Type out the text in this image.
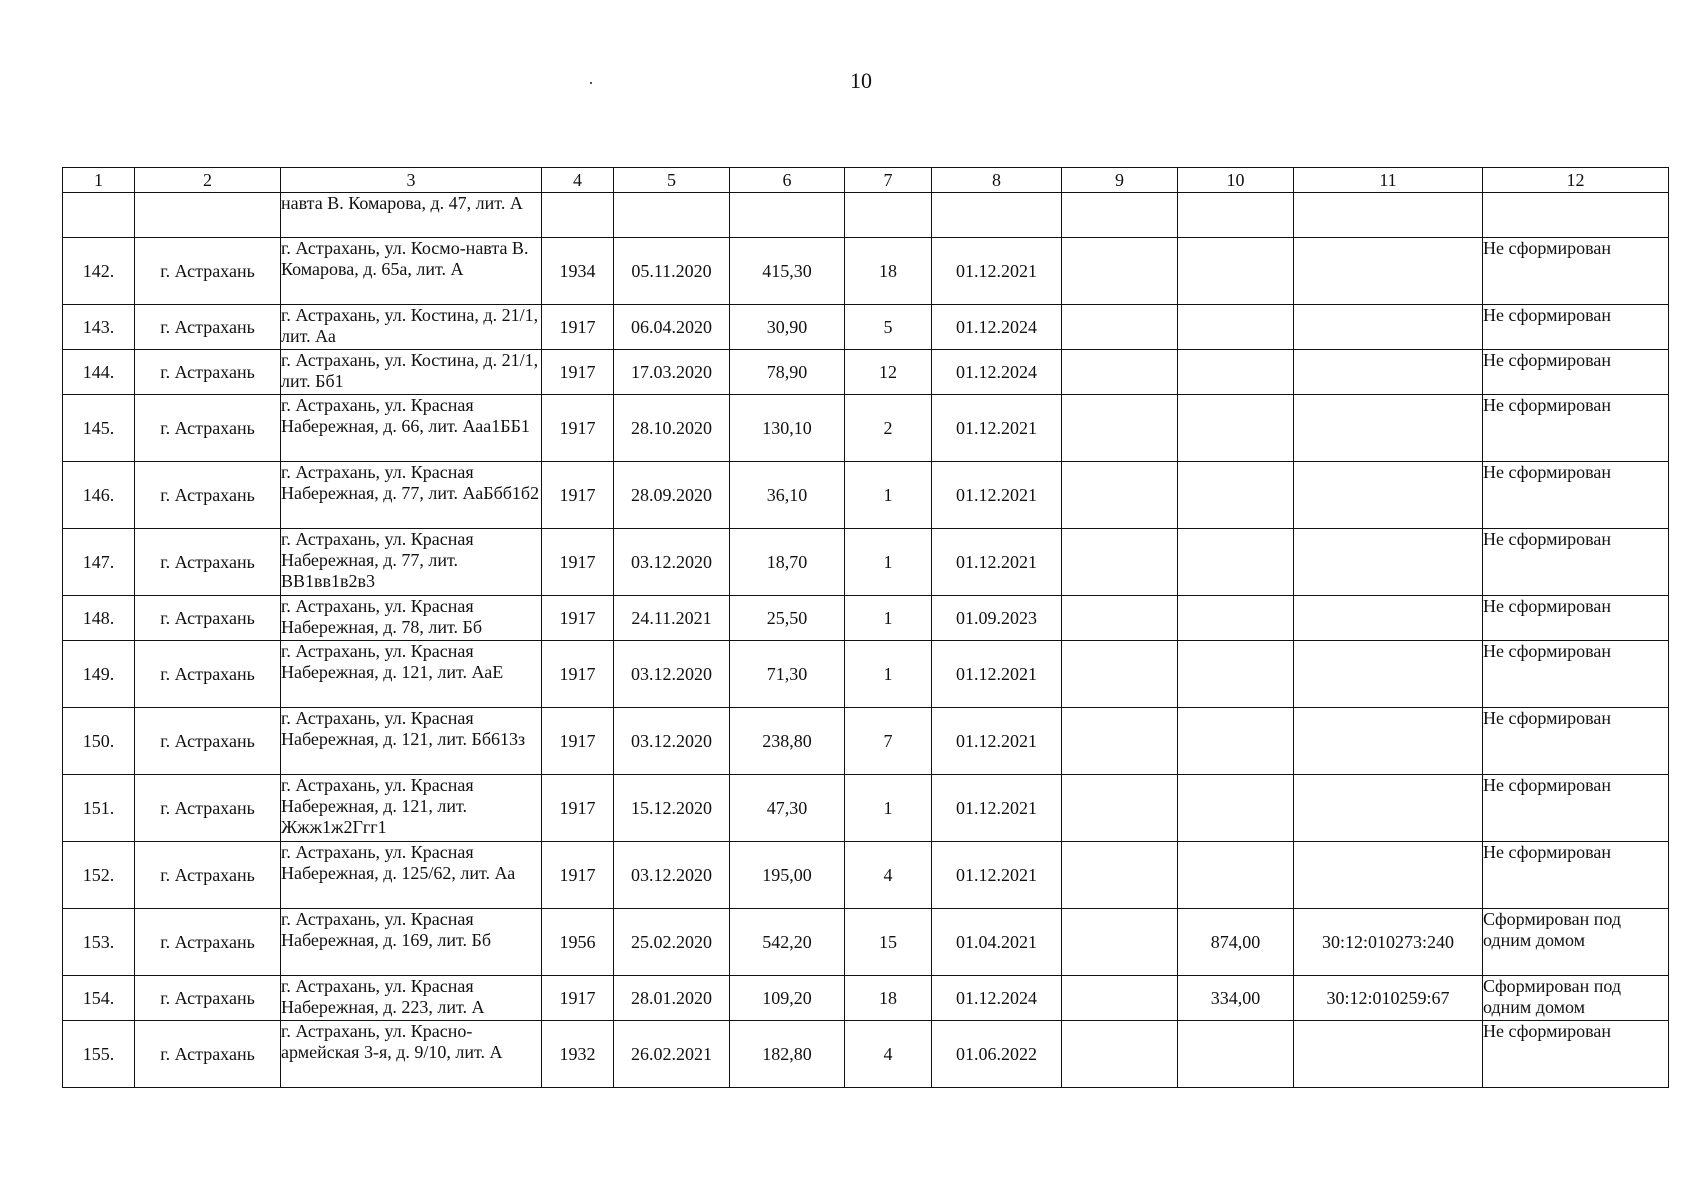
10
1	2	3	4	5	6	7	8	9	10	11	12
		навта В. Комарова, д. 47, лит. А									
142.	г. Астрахань	г. Астрахань, ул. Космо-навта В. Комарова, д. 65а, лит. А	1934	05.11.2020	415,30	18	01.12.2021				Не сформирован
143.	г. Астрахань	г. Астрахань, ул. Костина, д. 21/1, лит. Аа	1917	06.04.2020	30,90	5	01.12.2024				Не сформирован
144.	г. Астрахань	г. Астрахань, ул. Костина, д. 21/1, лит. Бб1	1917	17.03.2020	78,90	12	01.12.2024				Не сформирован
145.	г. Астрахань	г. Астрахань, ул. Красная Набережная, д. 66, лит. Ааа1ББ1	1917	28.10.2020	130,10	2	01.12.2021				Не сформирован
146.	г. Астрахань	г. Астрахань, ул. Красная Набережная, д. 77, лит. АаБбб1б2	1917	28.09.2020	36,10	1	01.12.2021				Не сформирован
147.	г. Астрахань	г. Астрахань, ул. Красная Набережная, д. 77, лит. ВВ1вв1в2в3	1917	03.12.2020	18,70	1	01.12.2021				Не сформирован
148.	г. Астрахань	г. Астрахань, ул. Красная Набережная, д. 78, лит. Бб	1917	24.11.2021	25,50	1	01.09.2023				Не сформирован
149.	г. Астрахань	г. Астрахань, ул. Красная Набережная, д. 121, лит. АаЕ	1917	03.12.2020	71,30	1	01.12.2021				Не сформирован
150.	г. Астрахань	г. Астрахань, ул. Красная Набережная, д. 121, лит. Бб613з	1917	03.12.2020	238,80	7	01.12.2021				Не сформирован
151.	г. Астрахань	г. Астрахань, ул. Красная Набережная, д. 121, лит. Жжж1ж2Ггг1	1917	15.12.2020	47,30	1	01.12.2021				Не сформирован
152.	г. Астрахань	г. Астрахань, ул. Красная Набережная, д. 125/62, лит. Аа	1917	03.12.2020	195,00	4	01.12.2021				Не сформирован
153.	г. Астрахань	г. Астрахань, ул. Красная Набережная, д. 169, лит. Бб	1956	25.02.2020	542,20	15	01.04.2021		874,00	30:12:010273:240	Сформирован под одним домом
154.	г. Астрахань	г. Астрахань, ул. Красная Набережная, д. 223, лит. А	1917	28.01.2020	109,20	18	01.12.2024		334,00	30:12:010259:67	Сформирован под одним домом
155.	г. Астрахань	г. Астрахань, ул. Красно-армейская 3-я, д. 9/10, лит. А	1932	26.02.2021	182,80	4	01.06.2022				Не сформирован
